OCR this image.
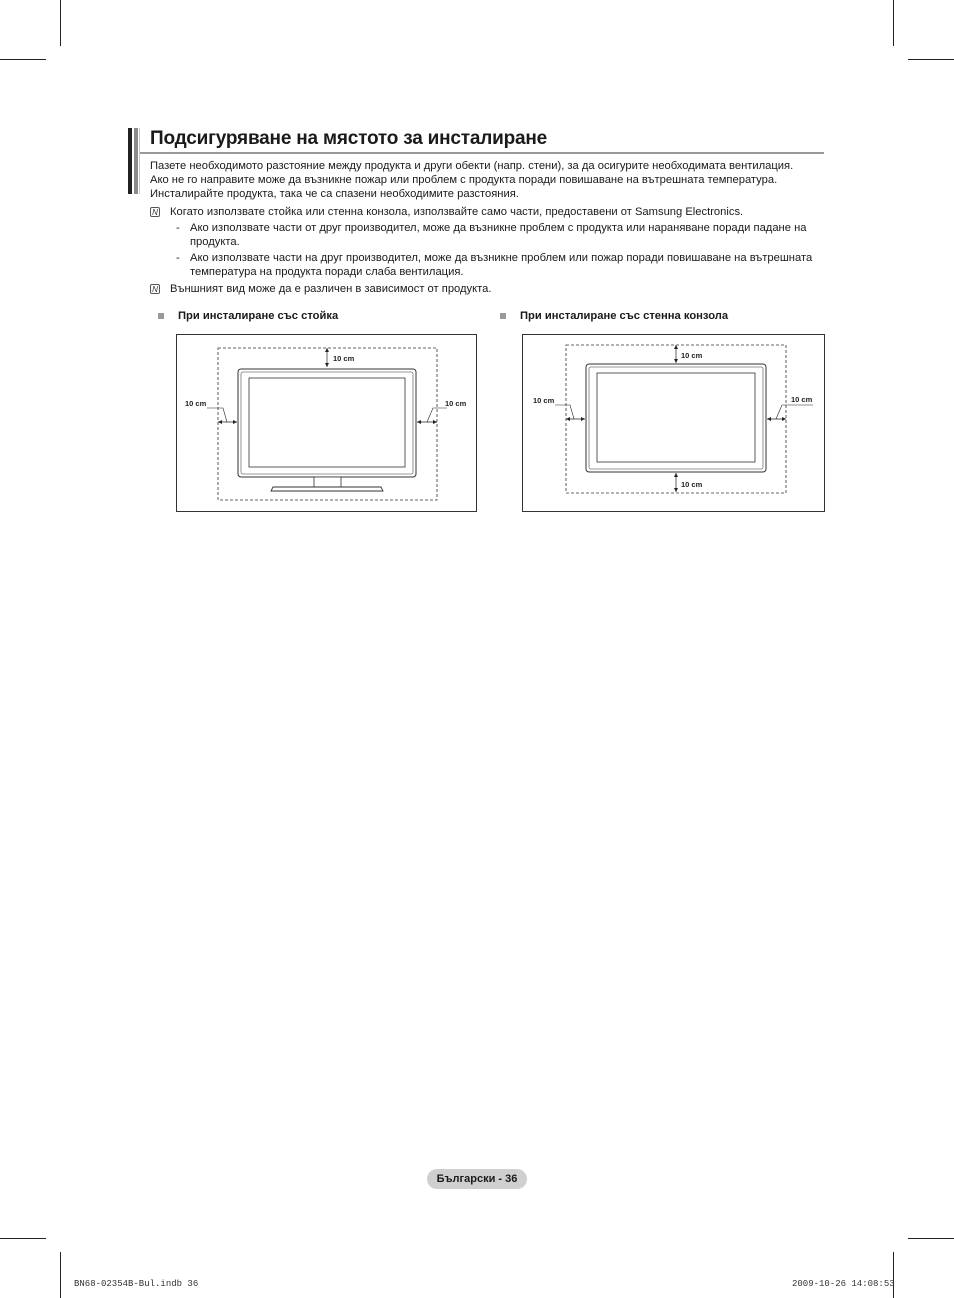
Подсигуряване на мястото за инсталиране

Пазете необходимото разстояние между продукта и други обекти (напр. стени), за да осигурите необходимата вентилация.

Ако не го направите може да възникне пожар или проблем с продукта поради повишаване на вътрешната температура.

Инсталирайте продукта, така че са спазени необходимите разстояния.

N Когато използвате стойка или стенна конзола, използвайте само части, предоставени от Samsung Electronics.
- Ако използвате части от друг производител, може да възникне проблем с продукта или нараняване поради падане на продукта.
- Ако използвате части на друг производител, може да възникне проблем или пожар поради повишаване на вътрешната температура на продукта поради слаба вентилация.
N Външният вид може да е различен в зависимост от продукта.
При инсталиране със стойка	При инсталиране със стенна конзола
10 cm
10 cm	10 cm
10 cm
10 cm
10 cm	10 cm
Български - 36
BN68-02354B-Bul.indb 36	2009-10-26 14:08:53
